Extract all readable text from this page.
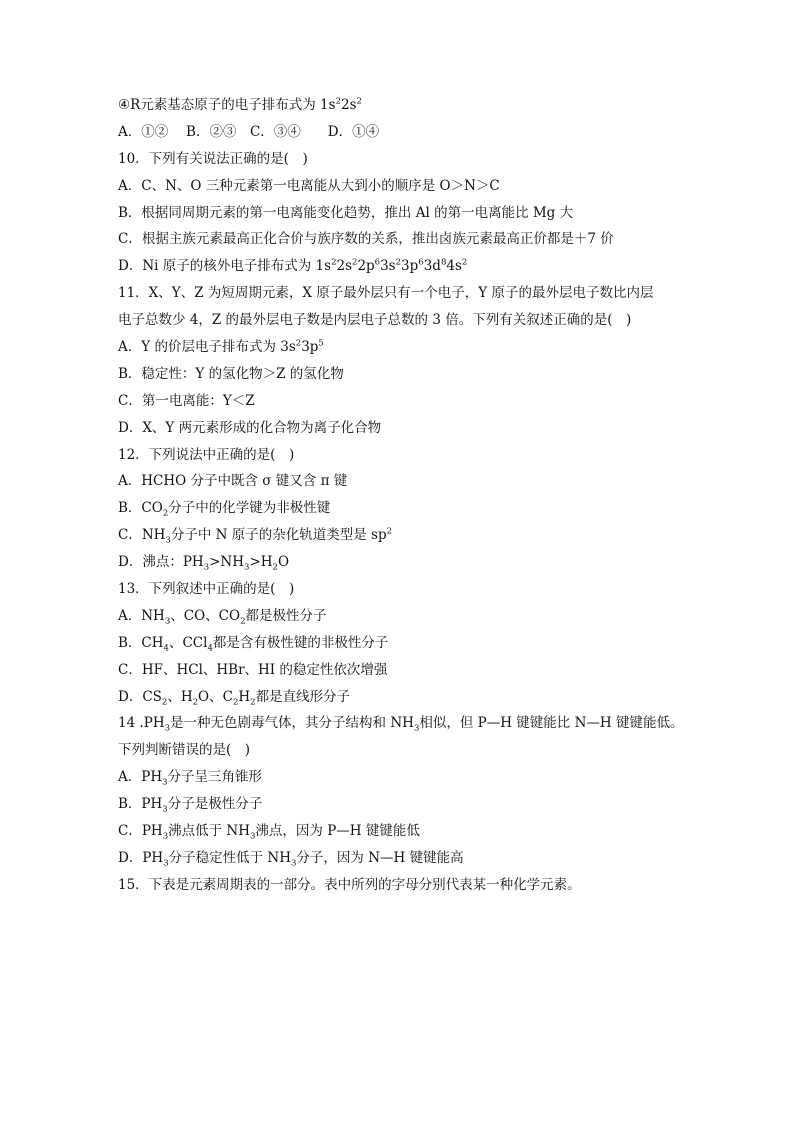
④R元素基态原子的电子排布式为 $1s^22s^2$
A．①②　 B．②③　C．③④　　D．①④
10．下列有关说法正确的是(　)
A．C、N、O 三种元素第一电离能从大到小的顺序是 O＞N＞C
B．根据同周期元素的第一电离能变化趋势，推出 Al 的第一电离能比 Mg 大
C．根据主族元素最高正化合价与族序数的关系，推出卤族元素最高正价都是＋7 价
D．Ni 原子的核外电子排布式为 $1s^22s^22p^63s^23p^63d^84s^2$
11．X、Y、Z 为短周期元素，X 原子最外层只有一个电子，Y 原子的最外层电子数比内层
电子总数少 4，Z 的最外层电子数是内层电子总数的 3 倍。下列有关叙述正确的是(　)
A．Y 的价层电子排布式为 $3s^23p^5$
B．稳定性：Y 的氢化物＞Z 的氢化物
C．第一电离能：Y＜Z
D．X、Y 两元素形成的化合物为离子化合物
12．下列说法中正确的是(　)
A．HCHO 分子中既含 σ 键又含 π 键
B．$CO_2$分子中的化学键为非极性键
C．$NH_3$分子中 N 原子的杂化轨道类型是 $sp^2$
D．沸点：$PH_3>NH_3>H_2O$
13．下列叙述中正确的是(　)
A．$NH_3$、CO、$CO_2$都是极性分子
B．$CH_4$、CCl$_4$都是含有极性键的非极性分子
C．HF、HCl、HBr、HI 的稳定性依次增强
D．$CS_2$、$H_2O$、$C_2H_2$都是直线形分子
14 $.PH_3$是一种无色剧毒气体，其分子结构和 $NH_3$相似，但 P—H 键键能比 N—H 键键能低。
下列判断错误的是(　)
A．$PH_3$分子呈三角锥形
B．$PH_3$分子是极性分子
C．$PH_3$沸点低于 $NH_3$沸点，因为 P—H 键键能低
D．$PH_3$分子稳定性低于 $NH_3$分子，因为 N—H 键键能高
15．下表是元素周期表的一部分。表中所列的字母分别代表某一种化学元素。
